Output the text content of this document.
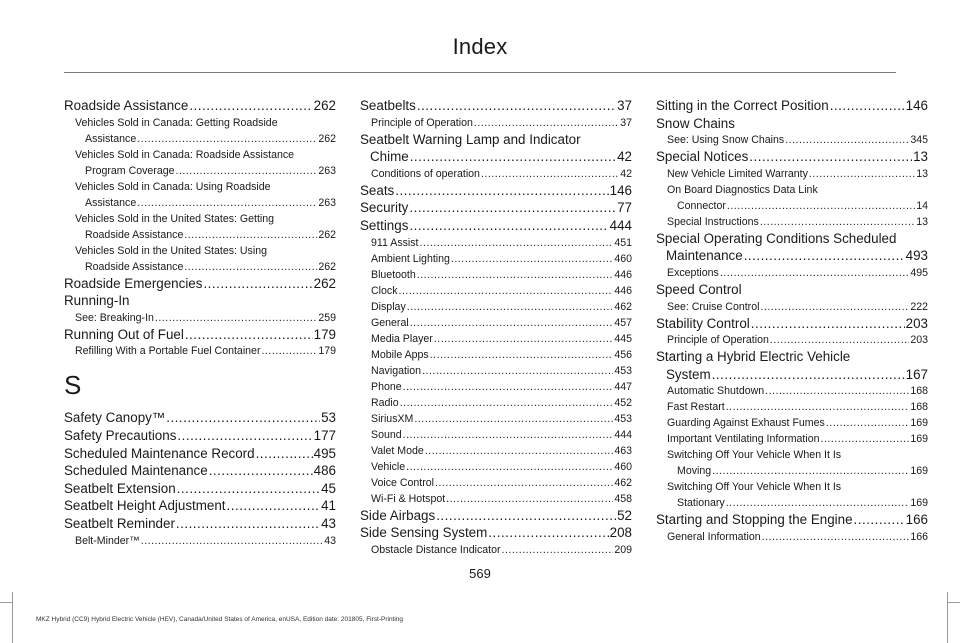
Index
Roadside Assistance .....	262
Vehicles Sold in Canada: Getting Roadside
Assistance .....	262
Vehicles Sold in Canada: Roadside Assistance
Program Coverage .....	263
Vehicles Sold in Canada: Using Roadside
Assistance .....	263
Vehicles Sold in the United States: Getting
Roadside Assistance .....	262
Vehicles Sold in the United States: Using
Roadside Assistance .....	262
Roadside Emergencies .....	262
Running-In
See: Breaking-In .....	259
Running Out of Fuel .....	179
Refilling With a Portable Fuel Container .....	179
S
Safety Canopy™ .....	53
Safety Precautions .....	177
Scheduled Maintenance Record .....	495
Scheduled Maintenance .....	486
Seatbelt Extension .....	45
Seatbelt Height Adjustment .....	41
Seatbelt Reminder .....	43
Belt-Minder™ .....	43
Seatbelts .....	37
Principle of Operation .....	37
Seatbelt Warning Lamp and Indicator
Chime .....	42
Conditions of operation .....	42
Seats .....	146
Security .....	77
Settings .....	444
911 Assist .....	451
Ambient Lighting .....	460
Bluetooth .....	446
Clock .....	446
Display .....	462
General .....	457
Media Player .....	445
Mobile Apps .....	456
Navigation .....	453
Phone .....	447
Radio .....	452
SiriusXM .....	453
Sound .....	444
Valet Mode .....	463
Vehicle .....	460
Voice Control .....	462
Wi-Fi & Hotspot .....	458
Side Airbags .....	52
Side Sensing System .....	208
Obstacle Distance Indicator .....	209
Sitting in the Correct Position .....	146
Snow Chains
See: Using Snow Chains .....	345
Special Notices .....	13
New Vehicle Limited Warranty .....	13
On Board Diagnostics Data Link
Connector .....	14
Special Instructions .....	13
Special Operating Conditions Scheduled
Maintenance .....	493
Exceptions .....	495
Speed Control
See: Cruise Control .....	222
Stability Control .....	203
Principle of Operation .....	203
Starting a Hybrid Electric Vehicle
System .....	167
Automatic Shutdown .....	168
Fast Restart .....	168
Guarding Against Exhaust Fumes .....	169
Important Ventilating Information .....	169
Switching Off Your Vehicle When It Is
Moving .....	169
Switching Off Your Vehicle When It Is
Stationary .....	169
Starting and Stopping the Engine .....	166
General Information .....	166
569
MKZ Hybrid (CC9) Hybrid Electric Vehicle (HEV), Canada/United States of America, enUSA, Edition date: 201805, First-Printing
